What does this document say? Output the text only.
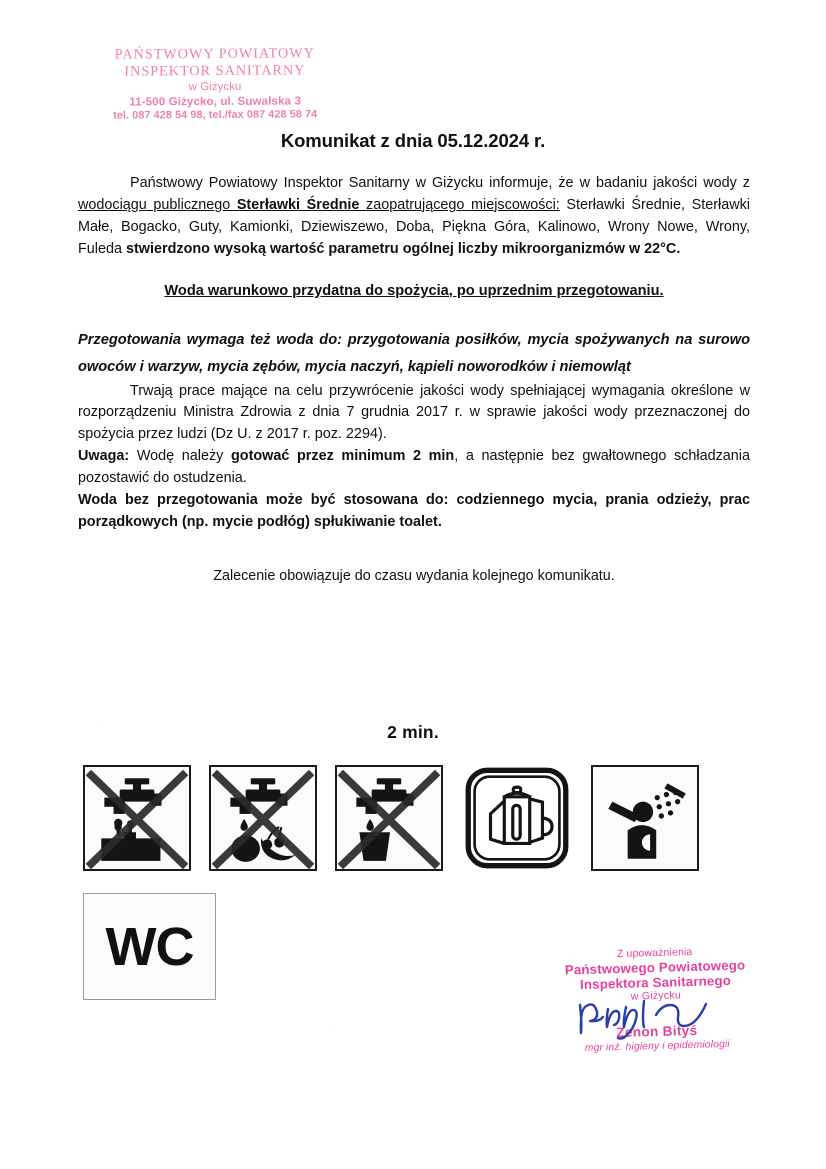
PAŃSTWOWY POWIATOWY
INSPEKTOR SANITARNY
w Giżycku
11-500 Giżycko, ul. Suwalska 3
tel. 087 428 54 98, tel./fax 087 428 58 74
Komunikat z dnia 05.12.2024 r.

Państwowy Powiatowy Inspektor Sanitarny w Giżycku informuje, że w badaniu jakości wody z wodociągu publicznego Sterławki Średnie zaopatrującego miejscowości: Sterławki Średnie, Sterławki Małe, Bogacko, Guty, Kamionki, Dziewiszewo, Doba, Piękna Góra, Kalinowo, Wrony Nowe, Wrony, Fuleda stwierdzono wysoką wartość parametru ogólnej liczby mikroorganizmów w 22°C.

Woda warunkowo przydatna do spożycia, po uprzednim przegotowaniu.

Przegotowania wymaga też woda do: przygotowania posiłków, mycia spożywanych na surowo owoców i warzyw, mycia zębów, mycia naczyń, kąpieli noworodków i niemowląt

Trwają prace mające na celu przywrócenie jakości wody spełniającej wymagania określone w rozporządzeniu Ministra Zdrowia z dnia 7 grudnia 2017 r. w sprawie jakości wody przeznaczonej do spożycia przez ludzi (Dz U. z 2017 r. poz. 2294).

Uwaga: Wodę należy gotować przez minimum 2 min, a następnie bez gwałtownego schładzania pozostawić do ostudzenia.

Woda bez przegotowania może być stosowana do: codziennego mycia, prania odzieży, prac porządkowych (np. mycie podłóg) spłukiwanie toalet.

Zalecenie obowiązuje do czasu wydania kolejnego komunikatu.

2 min.
WC	Z upoważnienia
Państwowego Powiatowego
Inspektora Sanitarnego
w Giżycku
Zenon Bityś
mgr inż. higieny i epidemiologii
